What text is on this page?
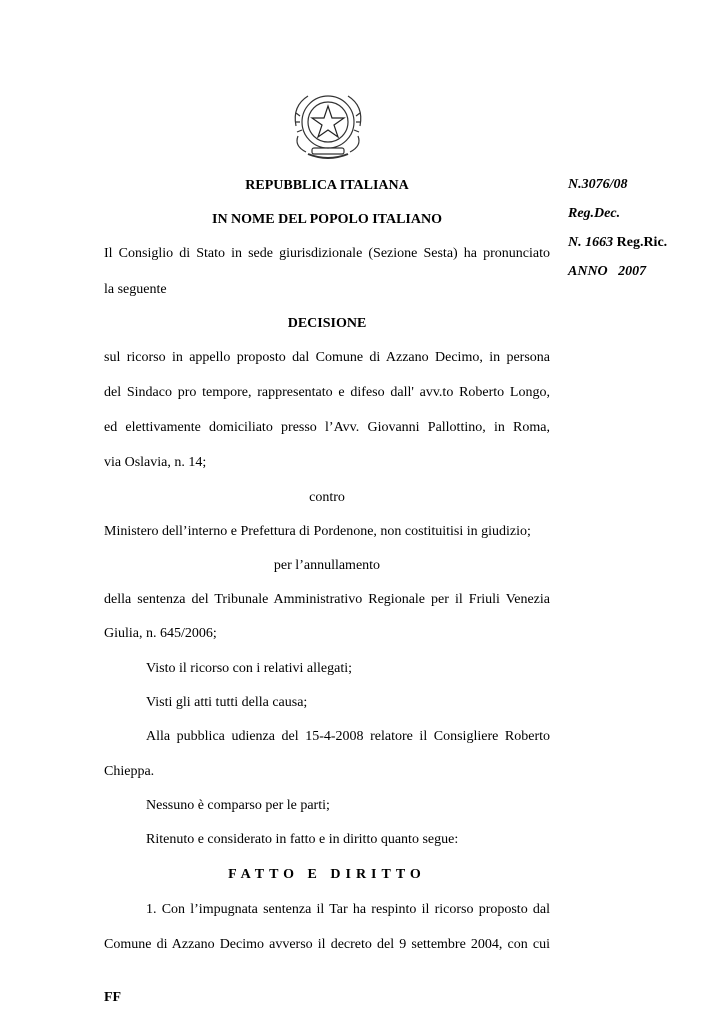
N.3076/08
Reg.Dec.
N. 1663 Reg.Ric.
ANNO   2007
REPUBBLICA ITALIANA
IN NOME DEL POPOLO ITALIANO
Il Consiglio di Stato in sede giurisdizionale (Sezione Sesta) ha pronunciato
la seguente
DECISIONE
sul ricorso in appello proposto dal Comune di Azzano Decimo, in persona
del Sindaco pro tempore, rappresentato e difeso dall' avv.to Roberto Longo,
ed elettivamente domiciliato presso l’Avv. Giovanni Pallottino, in Roma,
via Oslavia, n. 14;
contro
Ministero dell’interno e Prefettura di Pordenone, non costituitisi in giudizio;
per l’annullamento
della sentenza del Tribunale Amministrativo Regionale per il Friuli Venezia
Giulia, n. 645/2006;
Visto il ricorso con i relativi allegati;
Visti gli atti tutti della causa;
Alla pubblica udienza del 15-4-2008 relatore il Consigliere Roberto
Chieppa.
Nessuno è comparso per le parti;
Ritenuto e considerato in fatto e in diritto quanto segue:
FATTO E DIRITTO
1. Con l’impugnata sentenza il Tar ha respinto il ricorso proposto dal
Comune di Azzano Decimo avverso il decreto del 9 settembre 2004, con cui
FF
